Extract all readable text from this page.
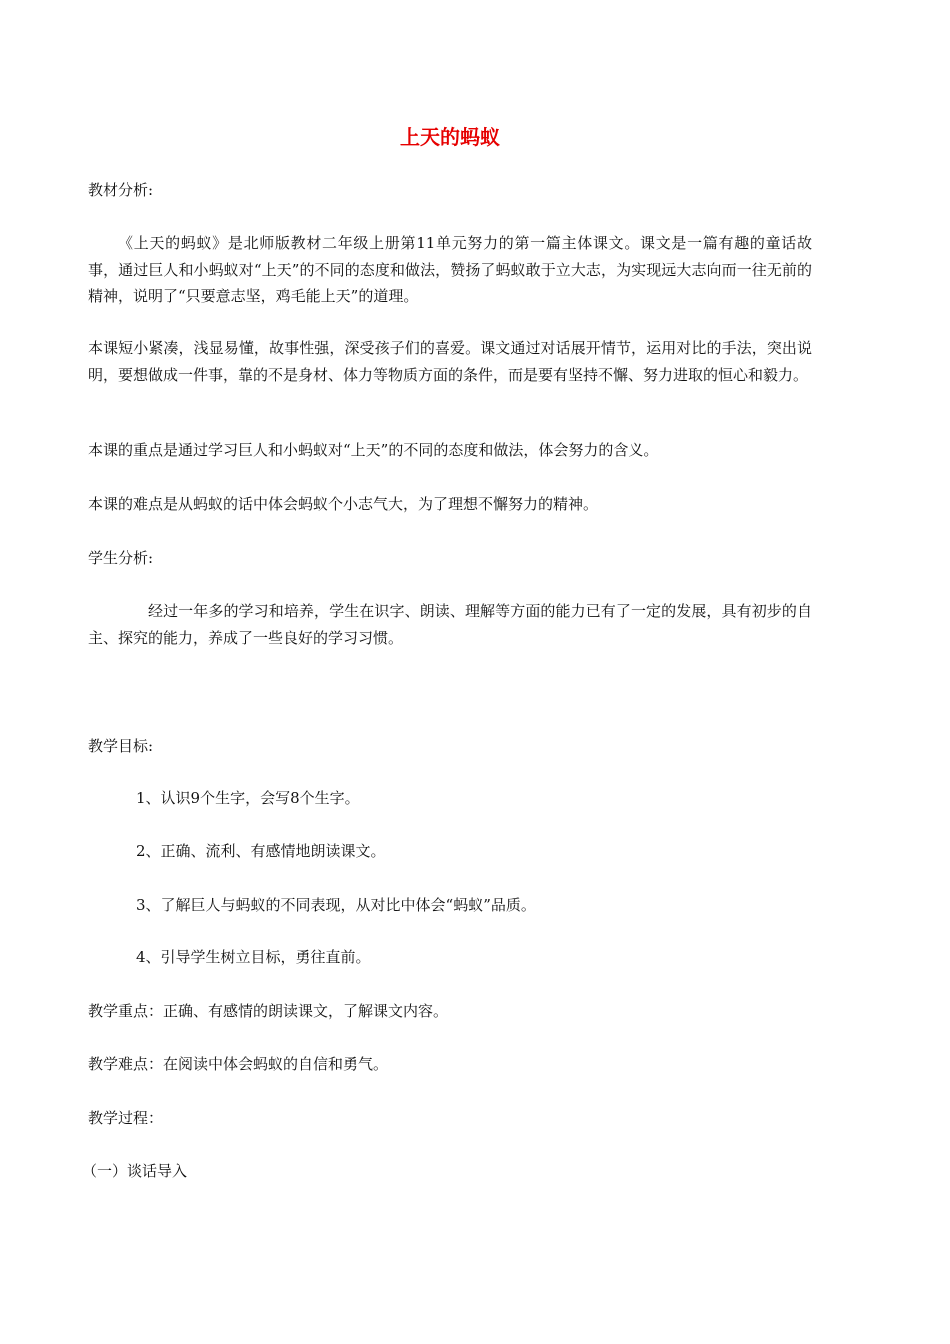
上天的蚂蚁

教材分析:

《上天的蚂蚁》是北师版教材二年级上册第11单元努力的第一篇主体课文。课文是一篇有趣的童话故事，通过巨人和小蚂蚁对“上天”的不同的态度和做法，赞扬了蚂蚁敢于立大志，为实现远大志向而一往无前的精神，说明了“只要意志坚，鸡毛能上天”的道理。

本课短小紧凑，浅显易懂，故事性强，深受孩子们的喜爱。课文通过对话展开情节，运用对比的手法，突出说明，要想做成一件事，靠的不是身材、体力等物质方面的条件，而是要有坚持不懈、努力进取的恒心和毅力。

本课的重点是通过学习巨人和小蚂蚁对“上天”的不同的态度和做法，体会努力的含义。

本课的难点是从蚂蚁的话中体会蚂蚁个小志气大，为了理想不懈努力的精神。

学生分析:

经过一年多的学习和培养，学生在识字、朗读、理解等方面的能力已有了一定的发展，具有初步的自主、探究的能力，养成了一些良好的学习习惯。

教学目标:

1、认识9个生字，会写8个生字。

2、正确、流利、有感情地朗读课文。

3、了解巨人与蚂蚁的不同表现，从对比中体会“蚂蚁”品质。

4、引导学生树立目标，勇往直前。

教学重点：正确、有感情的朗读课文，了解课文内容。

教学难点：在阅读中体会蚂蚁的自信和勇气。

教学过程：

（一）谈话导入
